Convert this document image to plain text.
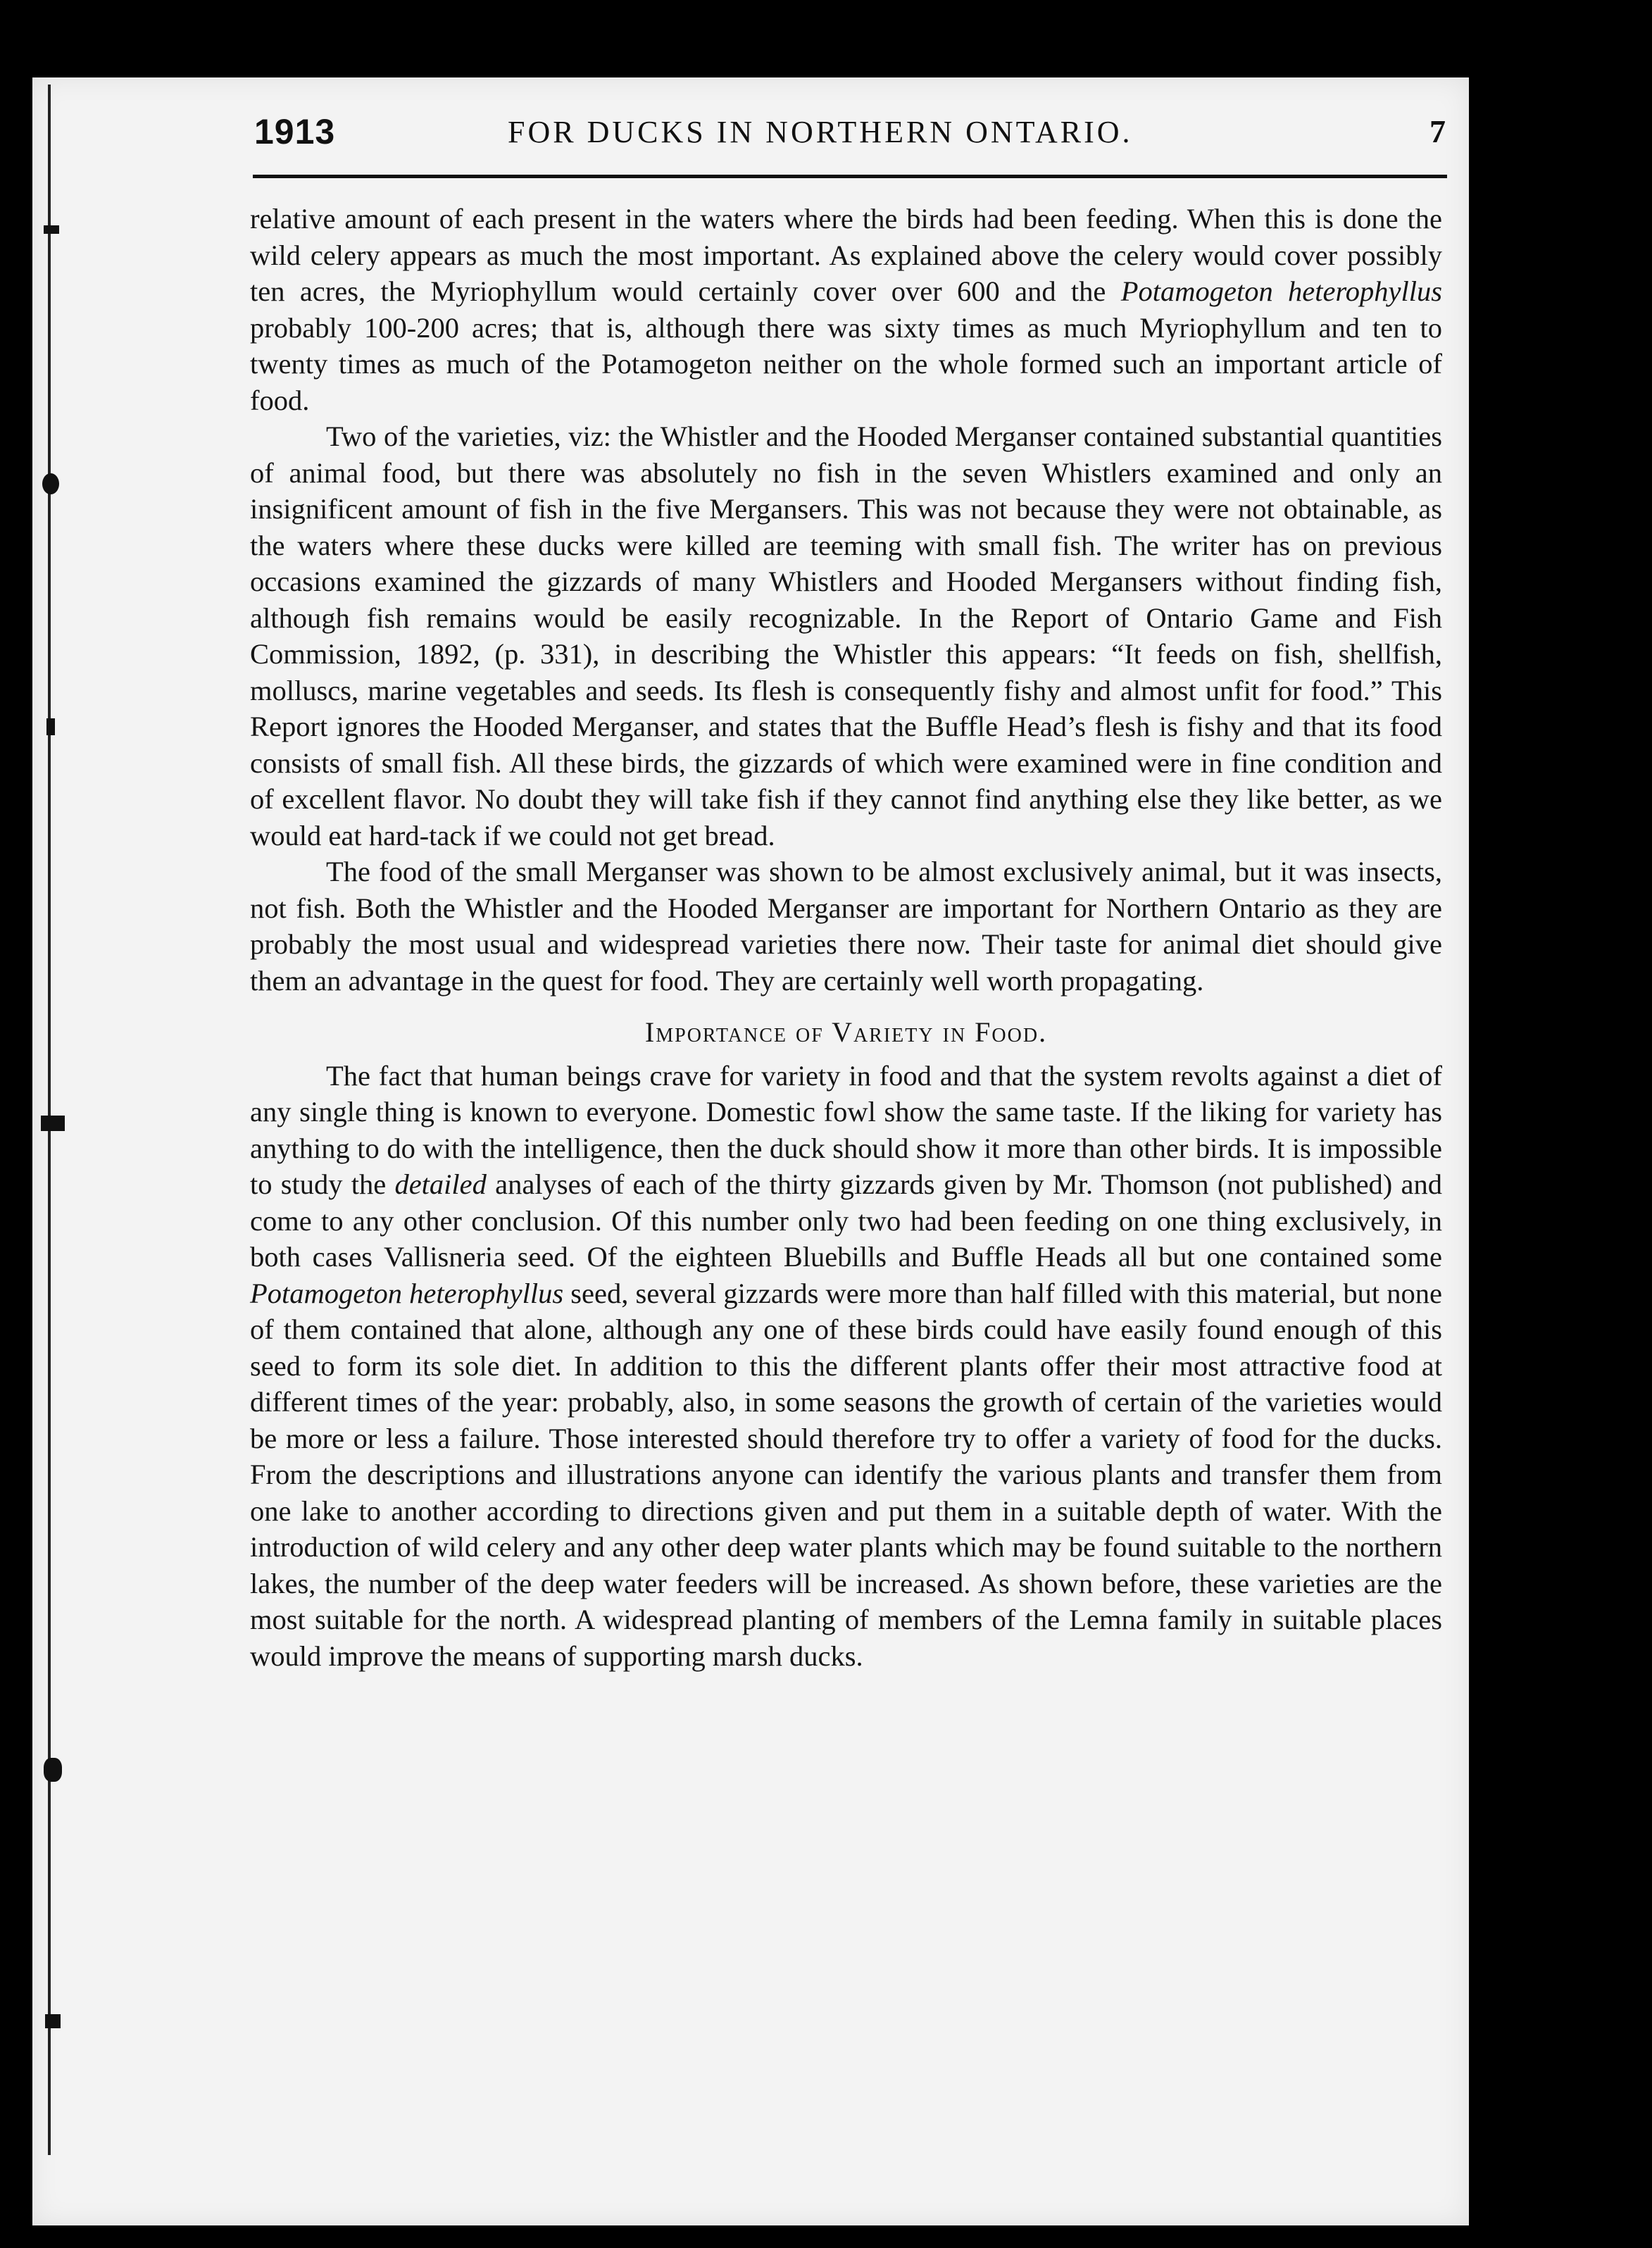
1913	FOR DUCKS IN NORTHERN ONTARIO.	7

relative amount of each present in the waters where the birds had been feeding. When this is done the wild celery appears as much the most important. As explained above the celery would cover possibly ten acres, the Myriophyllum would certainly cover over 600 and the Potamogeton heterophyllus probably 100-200 acres; that is, although there was sixty times as much Myriophyllum and ten to twenty times as much of the Potamogeton neither on the whole formed such an important article of food.

Two of the varieties, viz: the Whistler and the Hooded Merganser contained substantial quantities of animal food, but there was absolutely no fish in the seven Whistlers examined and only an insignificent amount of fish in the five Mergansers. This was not because they were not obtainable, as the waters where these ducks were killed are teeming with small fish. The writer has on previous occasions examined the gizzards of many Whistlers and Hooded Mergansers without finding fish, although fish remains would be easily recognizable. In the Report of Ontario Game and Fish Commission, 1892, (p. 331), in describing the Whistler this appears: “It feeds on fish, shellfish, molluscs, marine vegetables and seeds. Its flesh is consequently fishy and almost unfit for food.” This Report ignores the Hooded Merganser, and states that the Buffle Head’s flesh is fishy and that its food consists of small fish. All these birds, the gizzards of which were examined were in fine condition and of excellent flavor. No doubt they will take fish if they cannot find anything else they like better, as we would eat hard-tack if we could not get bread.

The food of the small Merganser was shown to be almost exclusively animal, but it was insects, not fish. Both the Whistler and the Hooded Merganser are important for Northern Ontario as they are probably the most usual and widespread varieties there now. Their taste for animal diet should give them an advantage in the quest for food. They are certainly well worth propagating.

Importance of Variety in Food.

The fact that human beings crave for variety in food and that the system revolts against a diet of any single thing is known to everyone. Domestic fowl show the same taste. If the liking for variety has anything to do with the intelligence, then the duck should show it more than other birds. It is impossible to study the detailed analyses of each of the thirty gizzards given by Mr. Thomson (not published) and come to any other conclusion. Of this number only two had been feeding on one thing exclusively, in both cases Vallisneria seed. Of the eighteen Bluebills and Buffle Heads all but one contained some Potamogeton heterophyllus seed, several gizzards were more than half filled with this material, but none of them contained that alone, although any one of these birds could have easily found enough of this seed to form its sole diet. In addition to this the different plants offer their most attractive food at different times of the year: probably, also, in some seasons the growth of certain of the varieties would be more or less a failure. Those interested should therefore try to offer a variety of food for the ducks. From the descriptions and illustrations anyone can identify the various plants and transfer them from one lake to another according to directions given and put them in a suitable depth of water. With the introduction of wild celery and any other deep water plants which may be found suitable to the northern lakes, the number of the deep water feeders will be increased. As shown before, these varieties are the most suitable for the north. A widespread planting of members of the Lemna family in suitable places would improve the means of supporting marsh ducks.
